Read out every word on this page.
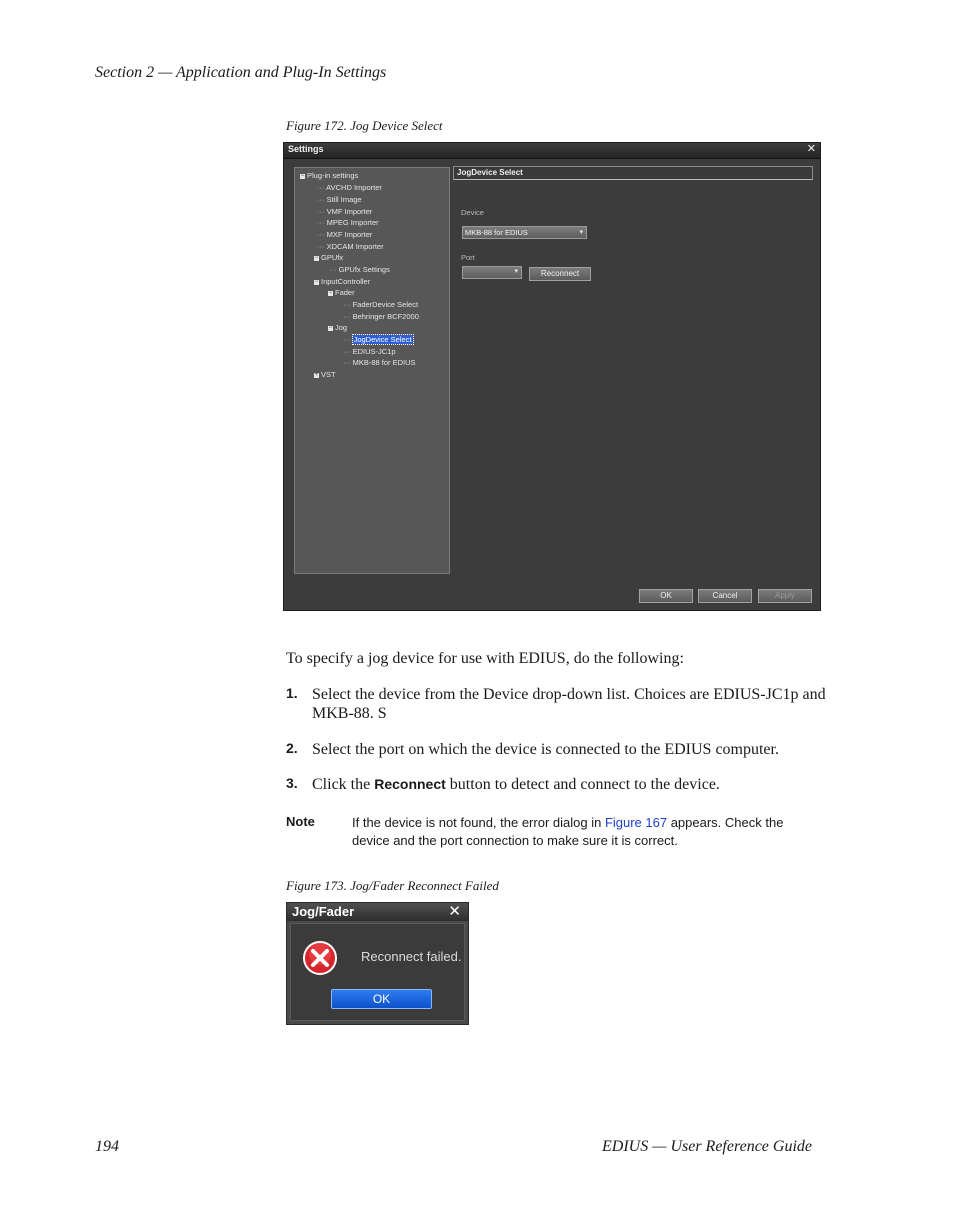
Section 2 — Application and Plug-In Settings
Figure 172. Jog Device Select
Settings	✕
− Plug-in settings
··· AVCHD Importer
··· Still Image
··· VMF Importer
··· MPEG Importer
··· MXF Importer
··· XDCAM Importer
− GPUfx
··· GPUfx Settings
− InputController
− Fader
··· FaderDevice Select
··· Behringer BCF2000
− Jog
··· JogDevice Select
··· EDIUS-JC1p
··· MKB-88 for EDIUS
+ VST
JogDevice Select
Device
MKB-88 for EDIUS	▾
Port
▾	Reconnect
OK	Cancel	Apply
To specify a jog device for use with EDIUS, do the following:
1. Select the device from the Device drop-down list. Choices are EDIUS-JC1p and MKB-88. S
2. Select the port on which the device is connected to the EDIUS computer.
3. Click the Reconnect button to detect and connect to the device.
Note	If the device is not found, the error dialog in Figure 167 appears. Check the device and the port connection to make sure it is correct.
Figure 173. Jog/Fader Reconnect Failed
Jog/Fader	✕
Reconnect failed.
OK
194	EDIUS — User Reference Guide
